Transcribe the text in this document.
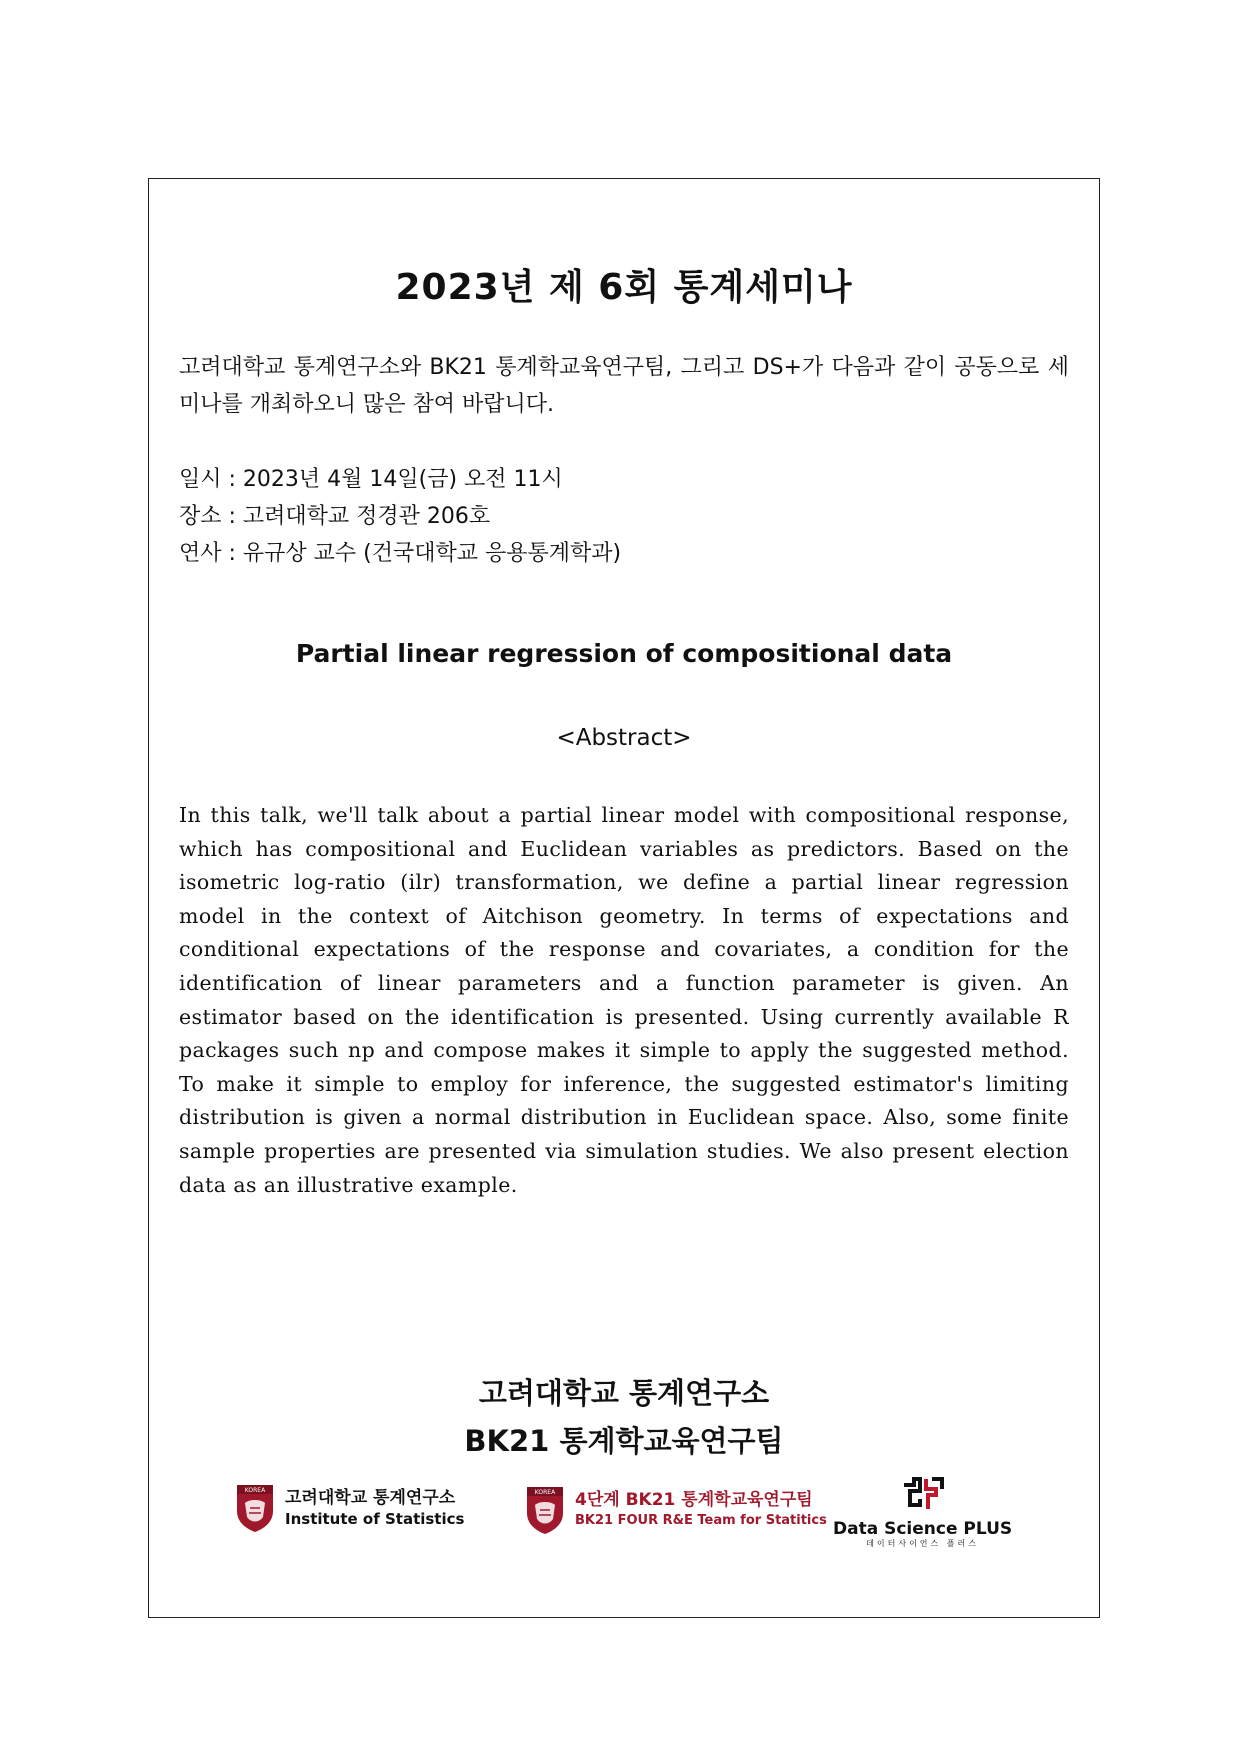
2023년 제 6회 통계세미나
고려대학교 통계연구소와 BK21 통계학교육연구팀, 그리고 DS+가 다음과 같이 공동으로 세미나를 개최하오니 많은 참여 바랍니다.
일시 : 2023년 4월 14일(금) 오전 11시
장소 : 고려대학교 정경관 206호
연사 : 유규상 교수 (건국대학교 응용통계학과)
Partial linear regression of compositional data
<Abstract>
In this talk, we'll talk about a partial linear model with compositional response, which has compositional and Euclidean variables as predictors. Based on the isometric log-ratio (ilr) transformation, we define a partial linear regression model in the context of Aitchison geometry. In terms of expectations and conditional expectations of the response and covariates, a condition for the identification of linear parameters and a function parameter is given. An estimator based on the identification is presented. Using currently available R packages such np and compose makes it simple to apply the suggested method. To make it simple to employ for inference, the suggested estimator's limiting distribution is given a normal distribution in Euclidean space. Also, some finite sample properties are presented via simulation studies. We also present election data as an illustrative example.
고려대학교 통계연구소
BK21 통계학교육연구팀
KOREA 고려대학교 통계연구소
Institute of Statistics
KOREA 4단계 BK21 통계학교육연구팀
BK21 FOUR R&E Team for Statitics Data Science PLUS
데이터사이언스 플러스
